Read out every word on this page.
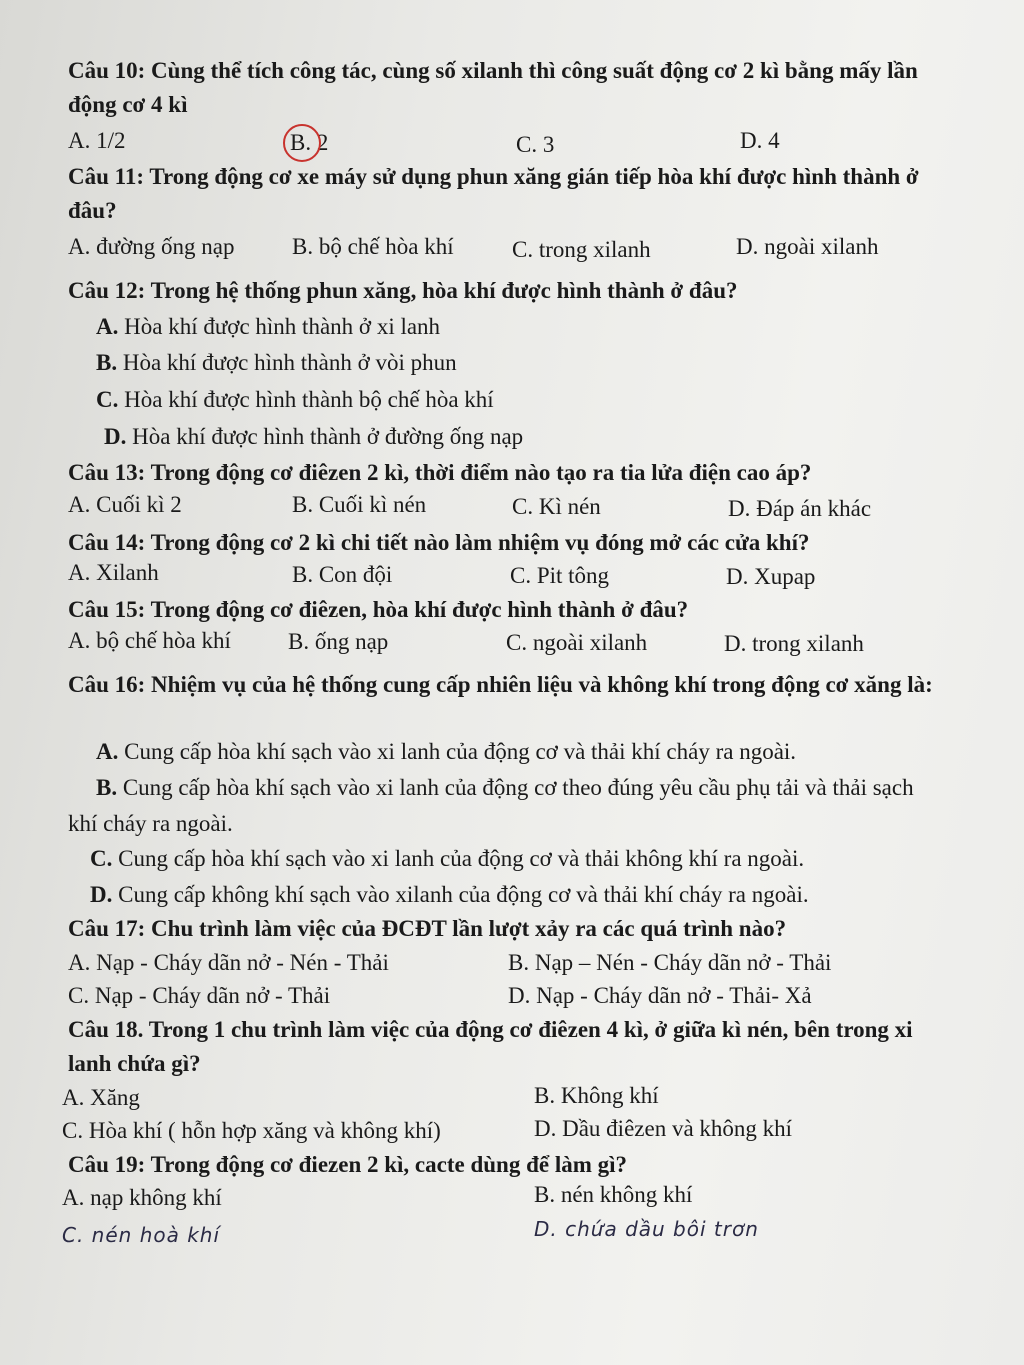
Câu 10: Cùng thể tích công tác, cùng số xilanh thì công suất động cơ 2 kì bằng mấy lần động cơ 4 kì
A. 1/2	B. 2	C. 3	D. 4
Câu 11: Trong động cơ xe máy sử dụng phun xăng gián tiếp hòa khí được hình thành ở đâu?
A. đường ống nạp	B. bộ chế hòa khí	C. trong xilanh	D. ngoài xilanh
Câu 12: Trong hệ thống phun xăng, hòa khí được hình thành ở đâu?
A. Hòa khí được hình thành ở xi lanh
B. Hòa khí được hình thành ở vòi phun
C. Hòa khí được hình thành bộ chế hòa khí
D. Hòa khí được hình thành ở đường ống nạp
Câu 13: Trong động cơ điêzen 2 kì, thời điểm nào tạo ra tia lửa điện cao áp?
A. Cuối kì 2	B. Cuối kì nén	C. Kì nén	D. Đáp án khác
Câu 14: Trong động cơ 2 kì chi tiết nào làm nhiệm vụ đóng mở các cửa khí?
A. Xilanh	B. Con đội	C. Pit tông	D. Xupap
Câu 15: Trong động cơ điêzen, hòa khí được hình thành ở đâu?
A. bộ chế hòa khí B. ống nạp	C. ngoài xilanh	D. trong xilanh
Câu 16: Nhiệm vụ của hệ thống cung cấp nhiên liệu và không khí trong động cơ xăng là:
A. Cung cấp hòa khí sạch vào xi lanh của động cơ và thải khí cháy ra ngoài.
B. Cung cấp hòa khí sạch vào xi lanh của động cơ theo đúng yêu cầu phụ tải và thải sạch khí cháy ra ngoài.
C. Cung cấp hòa khí sạch vào xi lanh của động cơ và thải không khí ra ngoài.
D. Cung cấp không khí sạch vào xilanh của động cơ và thải khí cháy ra ngoài.
Câu 17: Chu trình làm việc của ĐCĐT lần lượt xảy ra các quá trình nào?
A. Nạp - Cháy dãn nở - Nén - Thải	B. Nạp – Nén - Cháy dãn nở - Thải
C. Nạp - Cháy dãn nở - Thải	D. Nạp - Cháy dãn nở - Thải- Xả
Câu 18. Trong 1 chu trình làm việc của động cơ điêzen 4 kì, ở giữa kì nén, bên trong xi lanh chứa gì?
A. Xăng	B. Không khí
C. Hòa khí ( hỗn hợp xăng và không khí)	D. Dầu điêzen và không khí
Câu 19: Trong động cơ điezen 2 kì, cacte dùng để làm gì?
A. nạp không khí	B. nén không khí
C. nén hoà khí	D. chứa dầu bôi trơn
